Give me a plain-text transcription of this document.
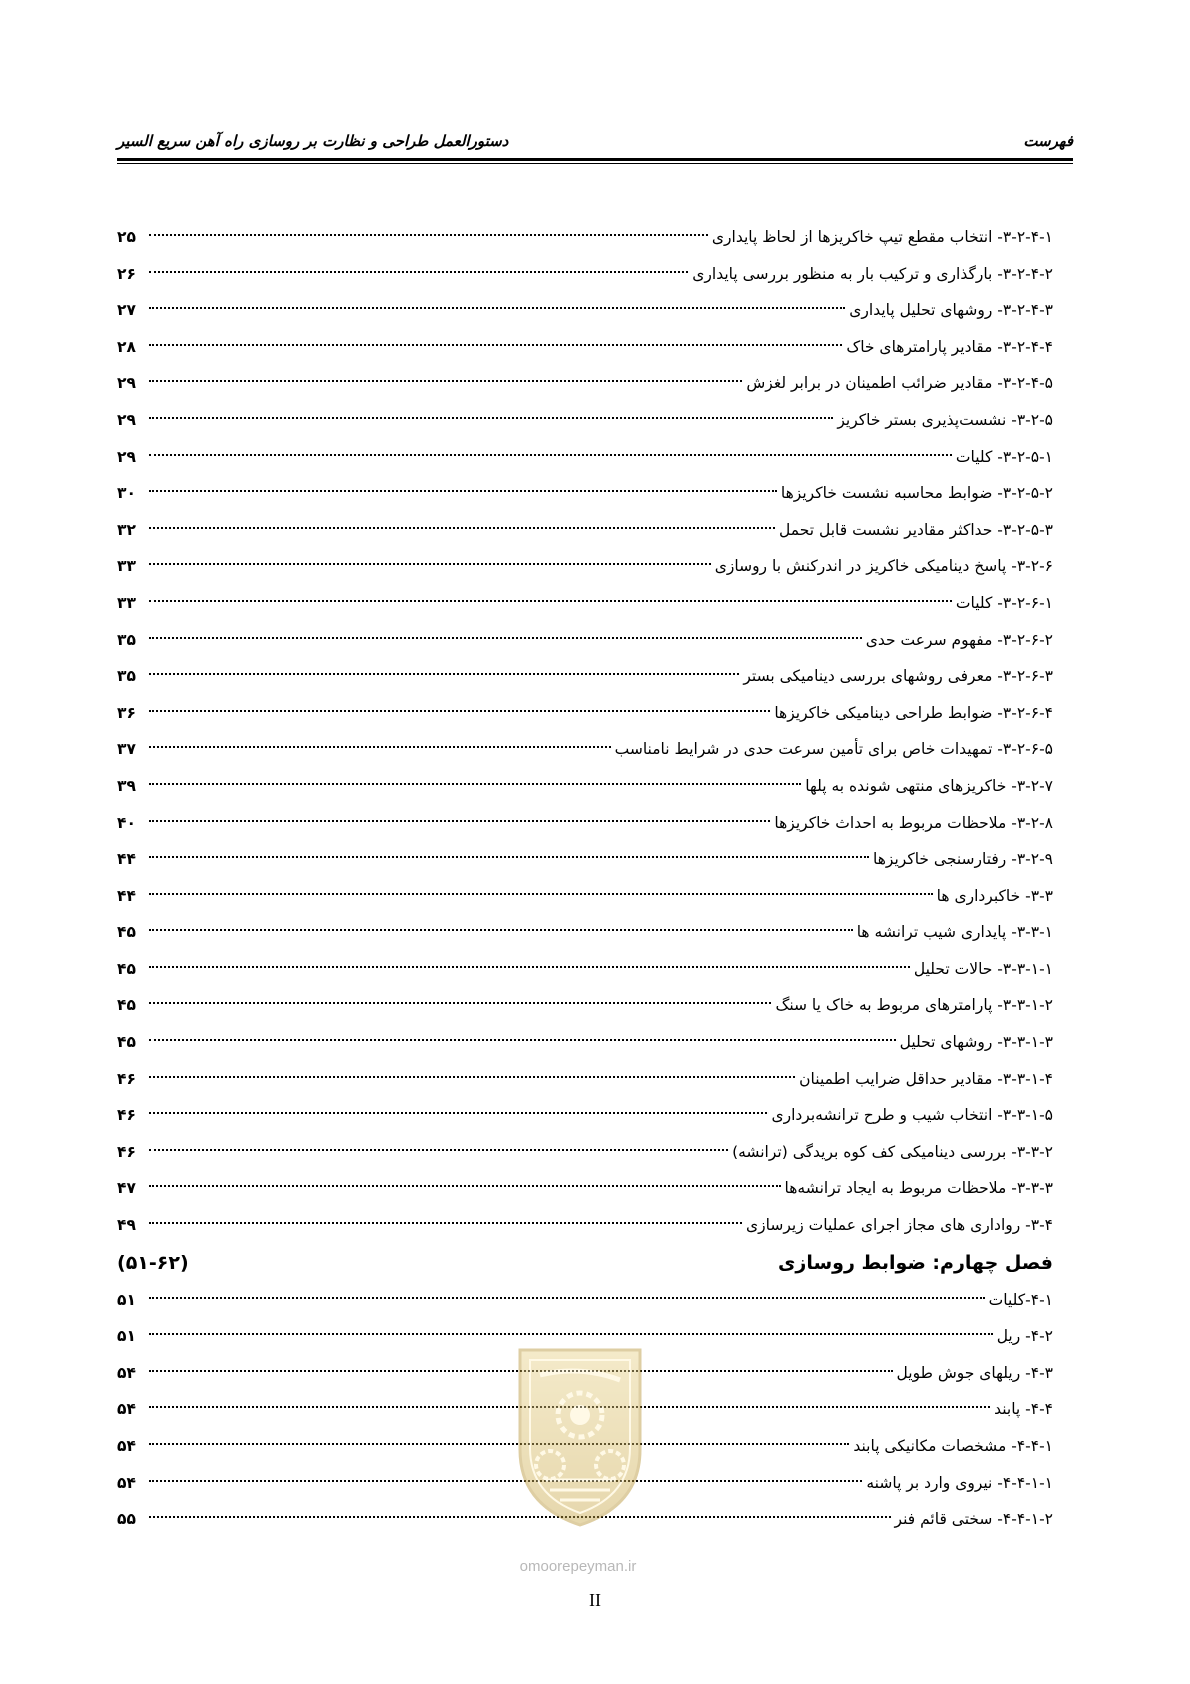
فهرست
دستورالعمل طراحی و نظارت بر روسازی راه آهن سریع السیر
۳-۲-۴-۱- انتخاب مقطع تیپ خاکریزها از لحاظ پایداری
۲۵
۳-۲-۴-۲- بارگذاری و ترکیب بار به منظور بررسی پایداری
۲۶
۳-۲-۴-۳- روشهای تحلیل پایداری
۲۷
۳-۲-۴-۴- مقادیر پارامترهای خاک
۲۸
۳-۲-۴-۵- مقادیر ضرائب اطمینان در برابر لغزش
۲۹
۳-۲-۵- نشست‌پذیری بستر خاکریز
۲۹
۳-۲-۵-۱- کلیات
۲۹
۳-۲-۵-۲- ضوابط محاسبه نشست خاکریزها
۳۰
۳-۲-۵-۳- حداکثر مقادیر نشست قابل تحمل
۳۲
۳-۲-۶- پاسخ دینامیکی خاکریز در اندرکنش با روسازی
۳۳
۳-۲-۶-۱- کلیات
۳۳
۳-۲-۶-۲- مفهوم سرعت حدی
۳۵
۳-۲-۶-۳- معرفی روشهای بررسی دینامیکی بستر
۳۵
۳-۲-۶-۴- ضوابط طراحی دینامیکی خاکریزها
۳۶
۳-۲-۶-۵- تمهیدات خاص برای تأمین سرعت حدی در شرایط نامناسب
۳۷
۳-۲-۷- خاکریزهای منتهی شونده به پلها
۳۹
۳-۲-۸- ملاحظات مربوط به احداث خاکریزها
۴۰
۳-۲-۹- رفتارسنجی خاکریزها
۴۴
۳-۳- خاکبرداری ها
۴۴
۳-۳-۱- پایداری شیب ترانشه ها
۴۵
۳-۳-۱-۱- حالات تحلیل
۴۵
۳-۳-۱-۲- پارامترهای مربوط به خاک یا سنگ
۴۵
۳-۳-۱-۳- روشهای تحلیل
۴۵
۳-۳-۱-۴- مقادیر حداقل ضرایب اطمینان
۴۶
۳-۳-۱-۵- انتخاب شیب و طرح ترانشه‌برداری
۴۶
۳-۳-۲- بررسی دینامیکی کف کوه بریدگی (ترانشه)
۴۶
۳-۳-۳- ملاحظات مربوط به ایجاد ترانشه‌ها
۴۷
۳-۴- رواداری های مجاز اجرای عملیات زیرسازی
۴۹
فصل چهارم: ضوابط روسازی
(۵۱-۶۲)
۴-۱-کلیات
۵۱
۴-۲- ریل
۵۱
۴-۳- ریلهای جوش طویل
۵۴
۴-۴- پابند
۵۴
۴-۴-۱- مشخصات مکانیکی پابند
۵۴
۴-۴-۱-۱- نیروی وارد بر پاشنه
۵۴
۴-۴-۱-۲- سختی قائم فنر
۵۵
omoorepeyman.ir
II
